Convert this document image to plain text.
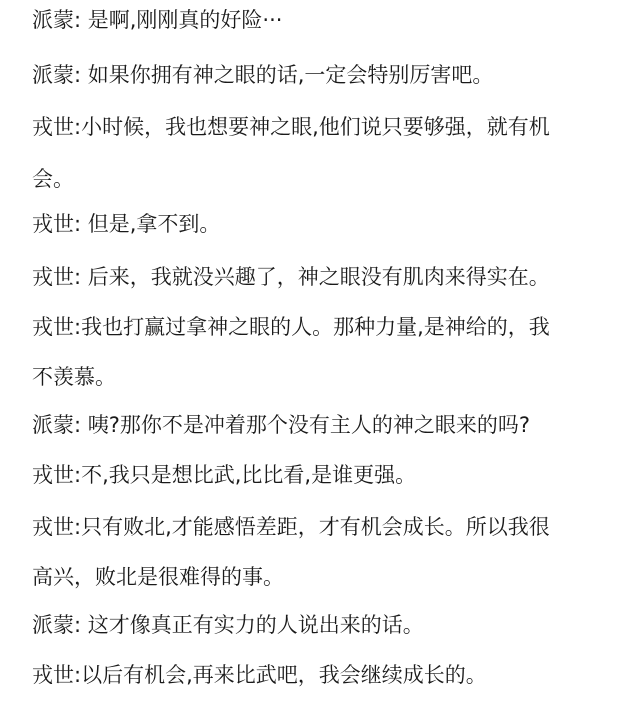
派蒙: 是啊,刚刚真的好险···

派蒙: 如果你拥有神之眼的话,一定会特别厉害吧。

戎世:小时候，我也想要神之眼,他们说只要够强，就有机

会。

戎世: 但是,拿不到。

戎世: 后来，我就没兴趣了，神之眼没有肌肉来得实在。

戎世:我也打赢过拿神之眼的人。那种力量,是神给的，我

不羡慕。

派蒙: 咦?那你不是冲着那个没有主人的神之眼来的吗?

戎世:不,我只是想比武,比比看,是谁更强。

戎世:只有败北,才能感悟差距，才有机会成长。所以我很

高兴，败北是很难得的事。

派蒙: 这才像真正有实力的人说出来的话。

戎世:以后有机会,再来比武吧，我会继续成长的。
